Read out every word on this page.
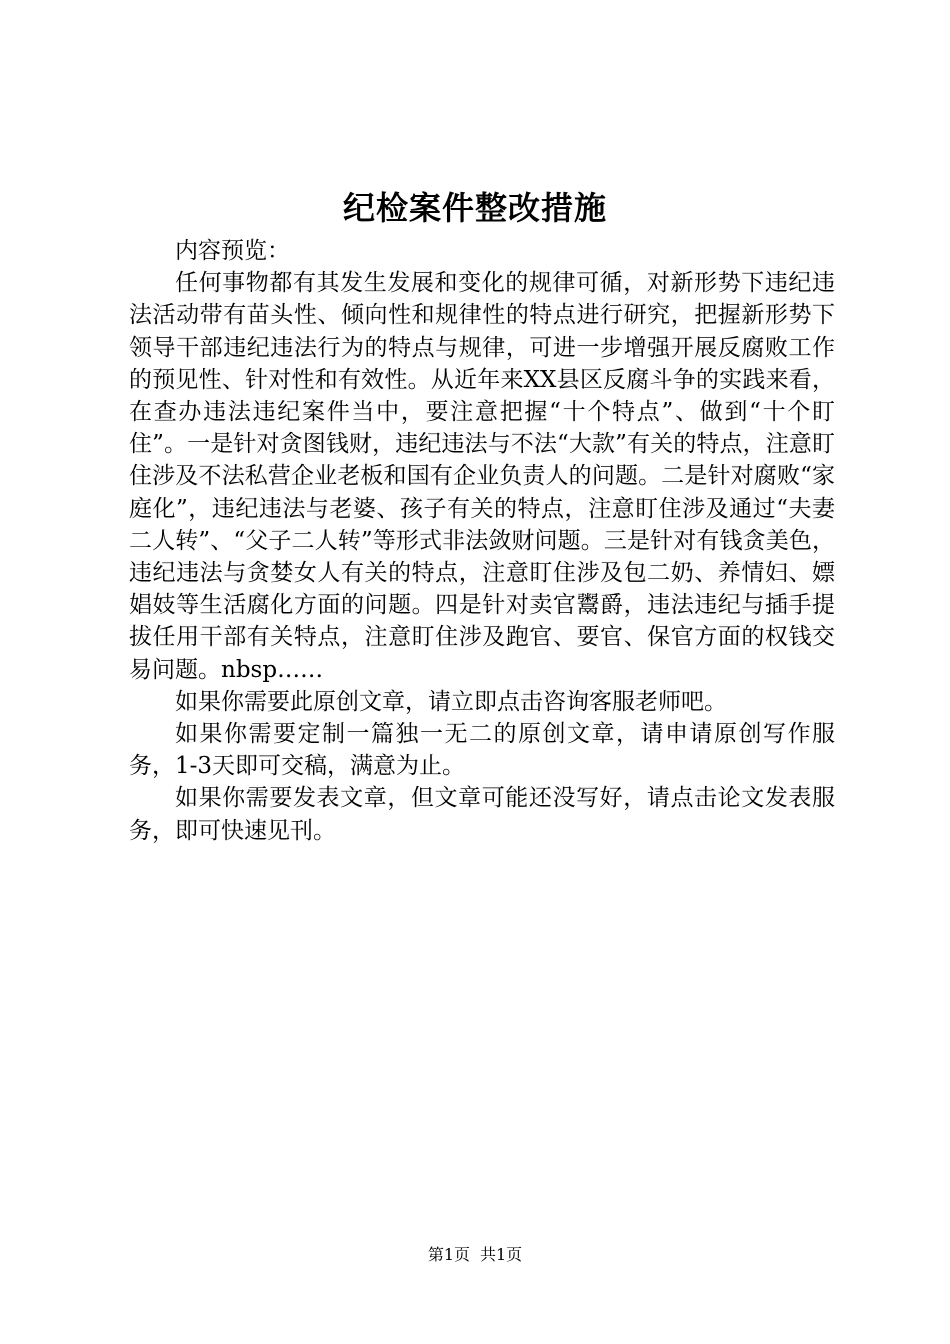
纪检案件整改措施

内容预览：

任何事物都有其发生发展和变化的规律可循，对新形势下违纪违法活动带有苗头性、倾向性和规律性的特点进行研究，把握新形势下领导干部违纪违法行为的特点与规律，可进一步增强开展反腐败工作的预见性、针对性和有效性。从近年来XX县区反腐斗争的实践来看，在查办违法违纪案件当中，要注意把握“十个特点”、做到“十个盯住”。一是针对贪图钱财，违纪违法与不法“大款”有关的特点，注意盯住涉及不法私营企业老板和国有企业负责人的问题。二是针对腐败“家庭化”，违纪违法与老婆、孩子有关的特点，注意盯住涉及通过“夫妻二人转”、“父子二人转”等形式非法敛财问题。三是针对有钱贪美色，违纪违法与贪婪女人有关的特点，注意盯住涉及包二奶、养情妇、嫖娼妓等生活腐化方面的问题。四是针对卖官鬻爵，违法违纪与插手提拔任用干部有关特点，注意盯住涉及跑官、要官、保官方面的权钱交易问题。nbsp……

如果你需要此原创文章，请立即点击咨询客服老师吧。

如果你需要定制一篇独一无二的原创文章，请申请原创写作服务，1-3天即可交稿，满意为止。

如果你需要发表文章，但文章可能还没写好，请点击论文发表服务，即可快速见刊。

第1页 共1页
